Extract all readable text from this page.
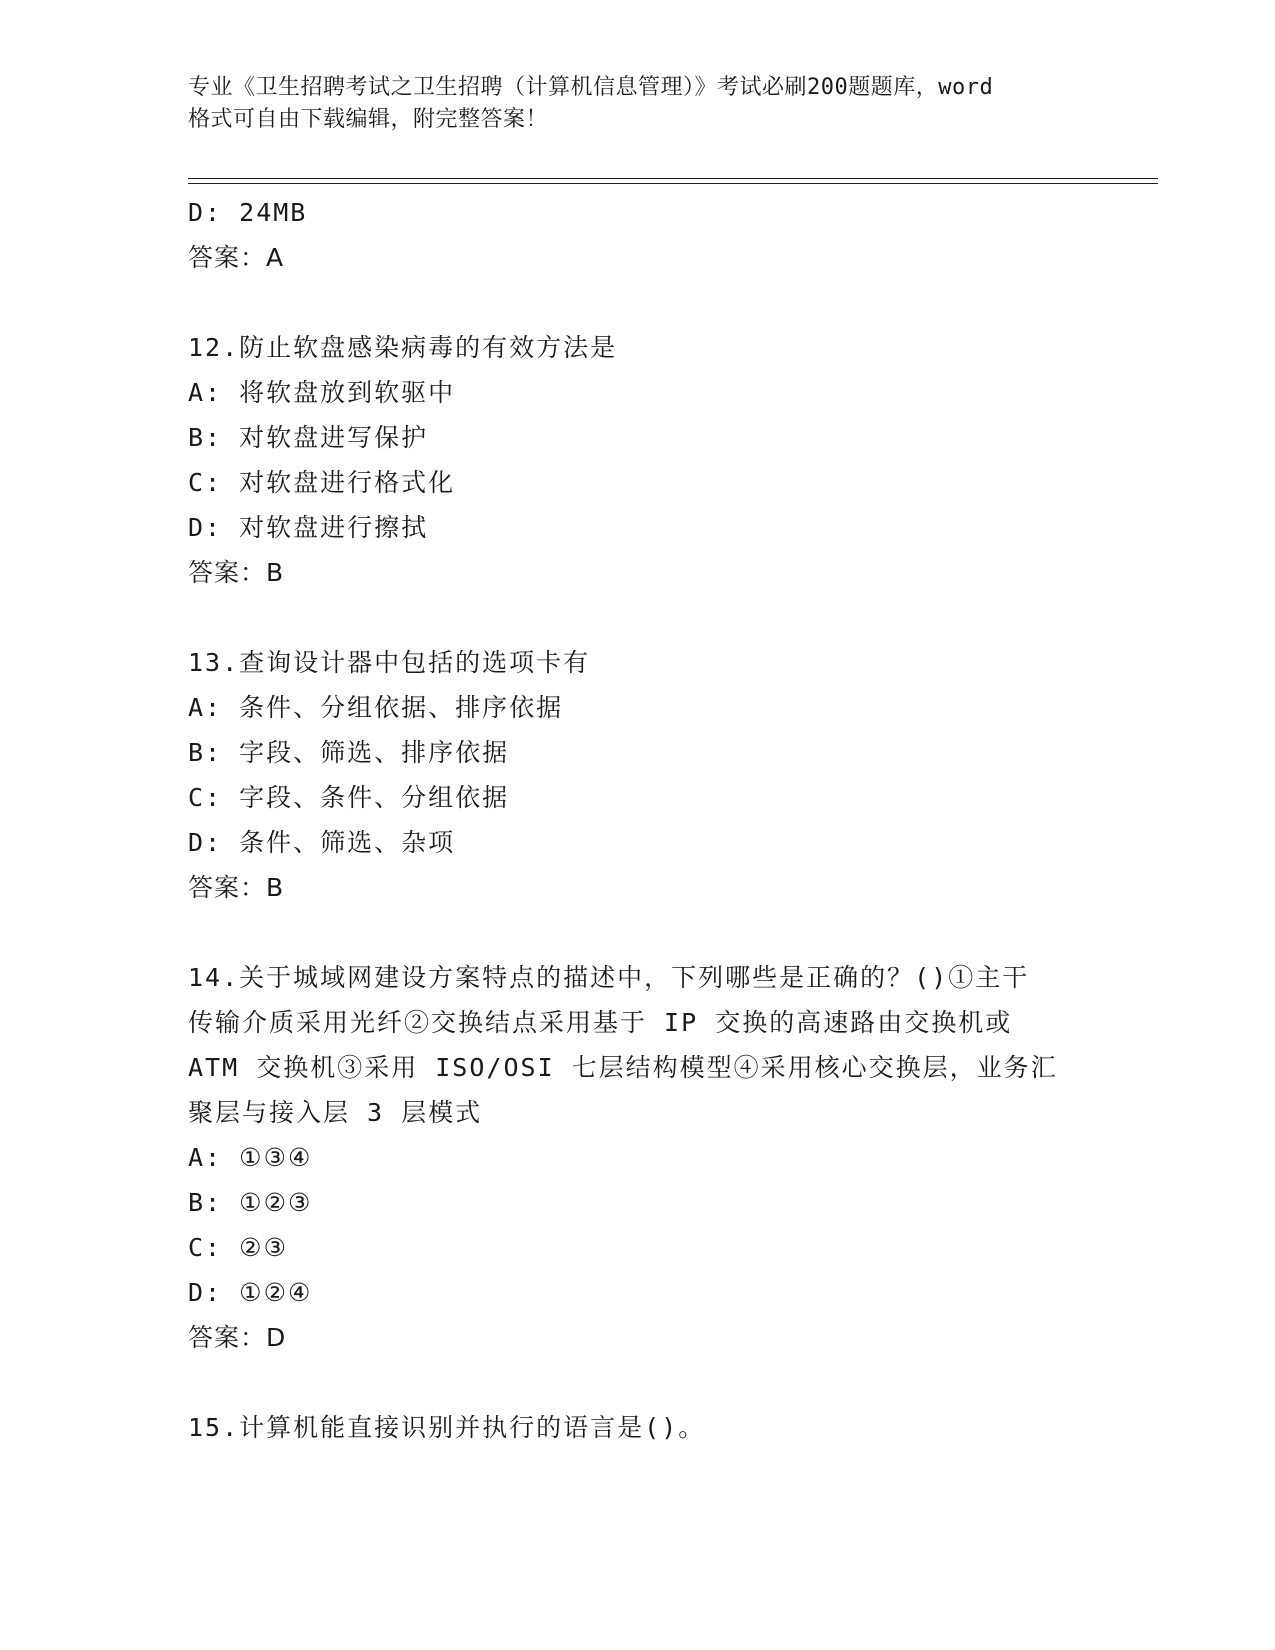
专业《卫生招聘考试之卫生招聘（计算机信息管理）》考试必刷200题题库，word
格式可自由下载编辑，附完整答案！
D: 24MB
答案：A
12.防止软盘感染病毒的有效方法是
A: 将软盘放到软驱中
B: 对软盘进写保护
C: 对软盘进行格式化
D: 对软盘进行擦拭
答案：B
13.查询设计器中包括的选项卡有
A: 条件、分组依据、排序依据
B: 字段、筛选、排序依据
C: 字段、条件、分组依据
D: 条件、筛选、杂项
答案：B
14.关于城域网建设方案特点的描述中，下列哪些是正确的？()①主干
传输介质采用光纤②交换结点采用基于 IP 交换的高速路由交换机或
ATM 交换机③采用 ISO/OSI 七层结构模型④采用核心交换层，业务汇
聚层与接入层 3 层模式
A: ①③④
B: ①②③
C: ②③
D: ①②④
答案：D
15.计算机能直接识别并执行的语言是()。
